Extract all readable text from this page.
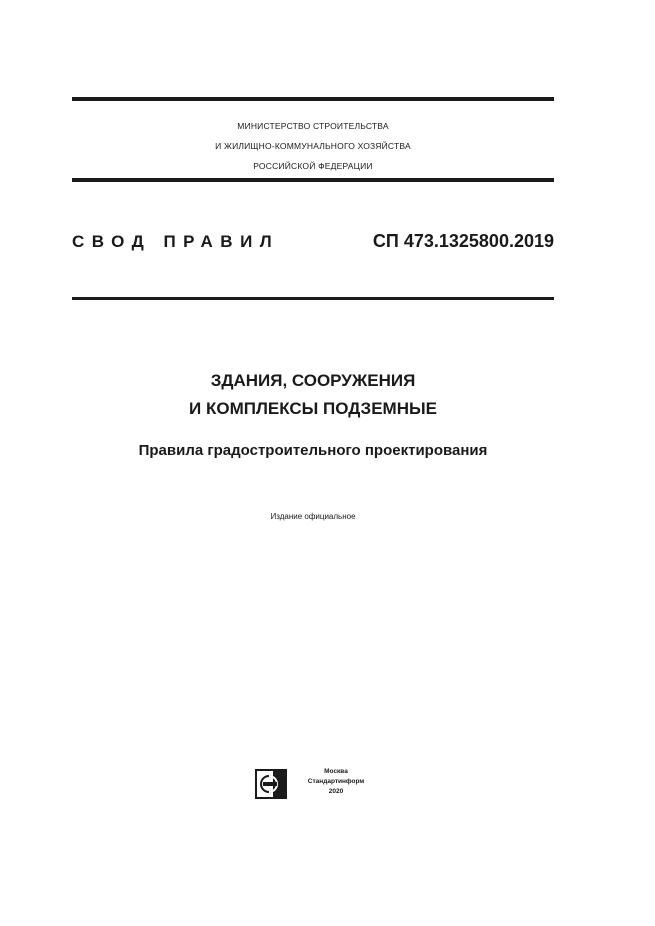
МИНИСТЕРСТВО СТРОИТЕЛЬСТВА
И ЖИЛИЩНО-КОММУНАЛЬНОГО ХОЗЯЙСТВА
РОССИЙСКОЙ ФЕДЕРАЦИИ
СВОД ПРАВИЛ	СП 473.1325800.2019
ЗДАНИЯ, СООРУЖЕНИЯ
И КОМПЛЕКСЫ ПОДЗЕМНЫЕ
Правила градостроительного проектирования
Издание официальное
Москва
Стандартинформ
2020
